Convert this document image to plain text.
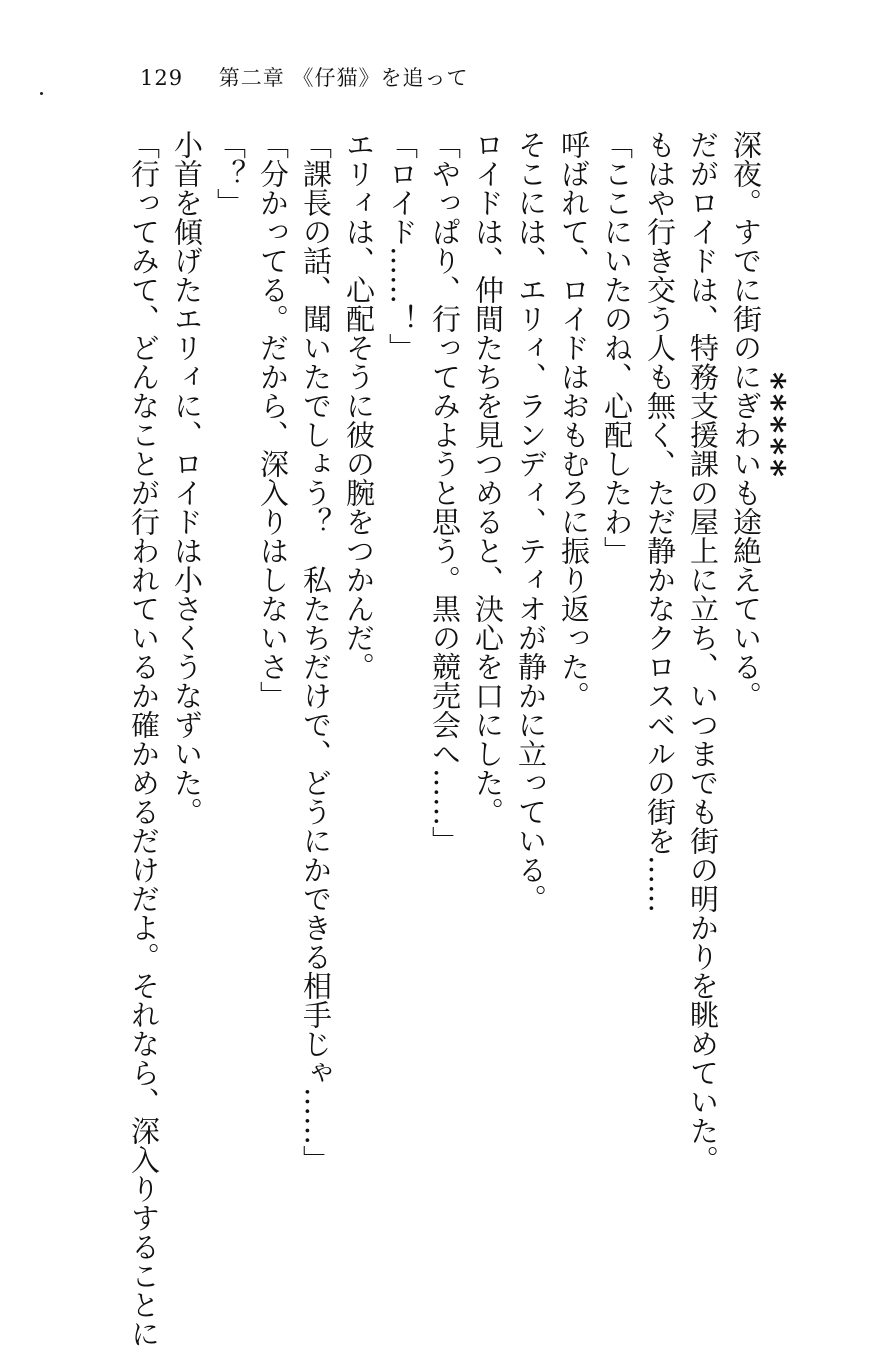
129 第二章 《仔猫》を追って
*****

深夜。すでに街のにぎわいも途絶えている。

だがロイドは、特務支援課の屋上に立ち、いつまでも街の明かりを眺めていた。

もはや行き交う人も無く、ただ静かなクロスベルの街を……

「ここにいたのね、心配したわ」

呼ばれて、ロイドはおもむろに振り返った。

そこには、エリィ、ランディ、ティオが静かに立っている。

ロイドは、仲間たちを見つめると、決心を口にした。

「やっぱり、行ってみようと思う。黒の競売会へ……」

「ロイド……！」

エリィは、心配そうに彼の腕をつかんだ。

「課長の話、聞いたでしょう？　私たちだけで、どうにかできる相手じゃ……」

「分かってる。だから、深入りはしないさ」

「？」

小首を傾げたエリィに、ロイドは小さくうなずいた。

「行ってみて、どんなことが行われているか確かめるだけだよ。それなら、深入りすることに
